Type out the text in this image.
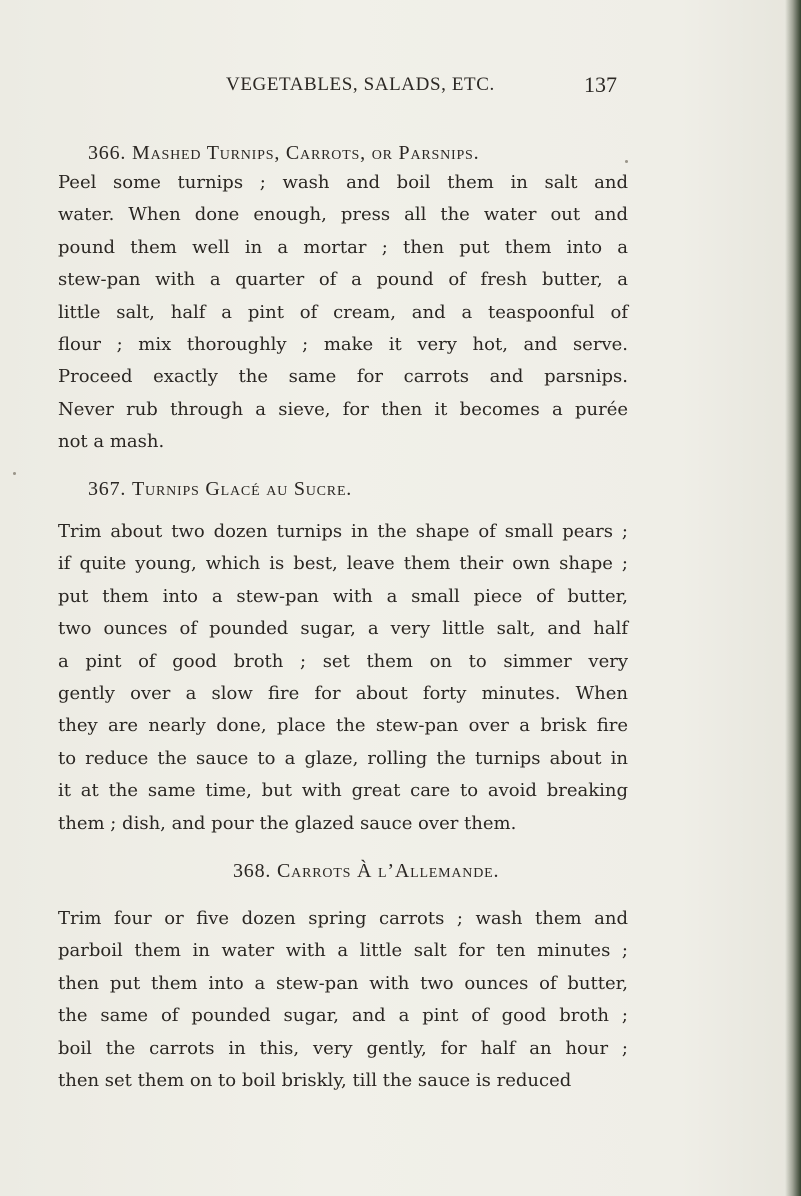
VEGETABLES, SALADS, ETC.	137
366. Mashed Turnips, Carrots, or Parsnips.
Peel some turnips ; wash and boil them in salt and
water. When done enough, press all the water out and
pound them well in a mortar ; then put them into a
stew-pan with a quarter of a pound of fresh butter, a
little salt, half a pint of cream, and a teaspoonful of
flour ; mix thoroughly ; make it very hot, and serve.
Proceed exactly the same for carrots and parsnips.
Never rub through a sieve, for then it becomes a purée
not a mash.
367. Turnips Glacé au Sucre.
Trim about two dozen turnips in the shape of small pears ;
if quite young, which is best, leave them their own shape ;
put them into a stew-pan with a small piece of butter,
two ounces of pounded sugar, a very little salt, and half
a pint of good broth ; set them on to simmer very
gently over a slow fire for about forty minutes. When
they are nearly done, place the stew-pan over a brisk fire
to reduce the sauce to a glaze, rolling the turnips about in
it at the same time, but with great care to avoid breaking
them ; dish, and pour the glazed sauce over them.
368. Carrots À l’Allemande.
Trim four or five dozen spring carrots ; wash them and
parboil them in water with a little salt for ten minutes ;
then put them into a stew-pan with two ounces of butter,
the same of pounded sugar, and a pint of good broth ;
boil the carrots in this, very gently, for half an hour ;
then set them on to boil briskly, till the sauce is reduced
